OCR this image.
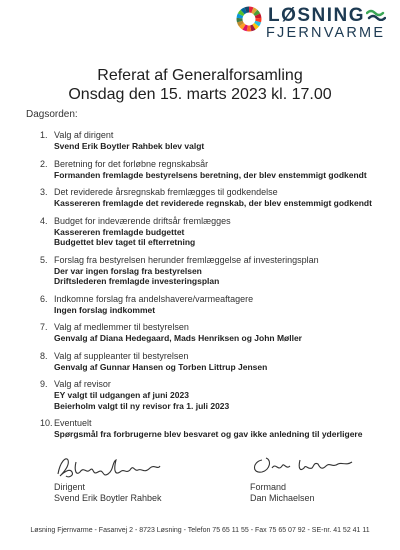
LØSNING
FJERNVARME
Referat af Generalforsamling
Onsdag den 15. marts 2023 kl. 17.00
Dagsorden:
1. Valg af dirigent
Svend Erik Boytler Rahbek blev valgt
2. Beretning for det forløbne regnskabsår
Formanden fremlagde bestyrelsens beretning, der blev enstemmigt godkendt
3. Det reviderede årsregnskab fremlægges til godkendelse
Kassereren fremlagde det reviderede regnskab, der blev enstemmigt godkendt
4. Budget for indeværende driftsår fremlægges
Kassereren fremlagde budgettet
Budgettet blev taget til efterretning
5. Forslag fra bestyrelsen herunder fremlæggelse af investeringsplan
Der var ingen forslag fra bestyrelsen
Driftslederen fremlagde investeringsplan
6. Indkomne forslag fra andelshavere/varmeaftagere
Ingen forslag indkommet
7. Valg af medlemmer til bestyrelsen
Genvalg af Diana Hedegaard, Mads Henriksen og John Møller
8. Valg af suppleanter til bestyrelsen
Genvalg af Gunnar Hansen og Torben Littrup Jensen
9. Valg af revisor
EY valgt til udgangen af juni 2023
Beierholm valgt til ny revisor fra 1. juli 2023
10. Eventuelt
Spørgsmål fra forbrugerne blev besvaret og gav ikke anledning til yderligere
Dirigent
Svend Erik Boytler Rahbek
Formand
Dan Michaelsen
Løsning Fjernvarme - Fasanvej 2 - 8723 Løsning - Telefon 75 65 11 55 - Fax 75 65 07 92 - SE-nr. 41 52 41 11
